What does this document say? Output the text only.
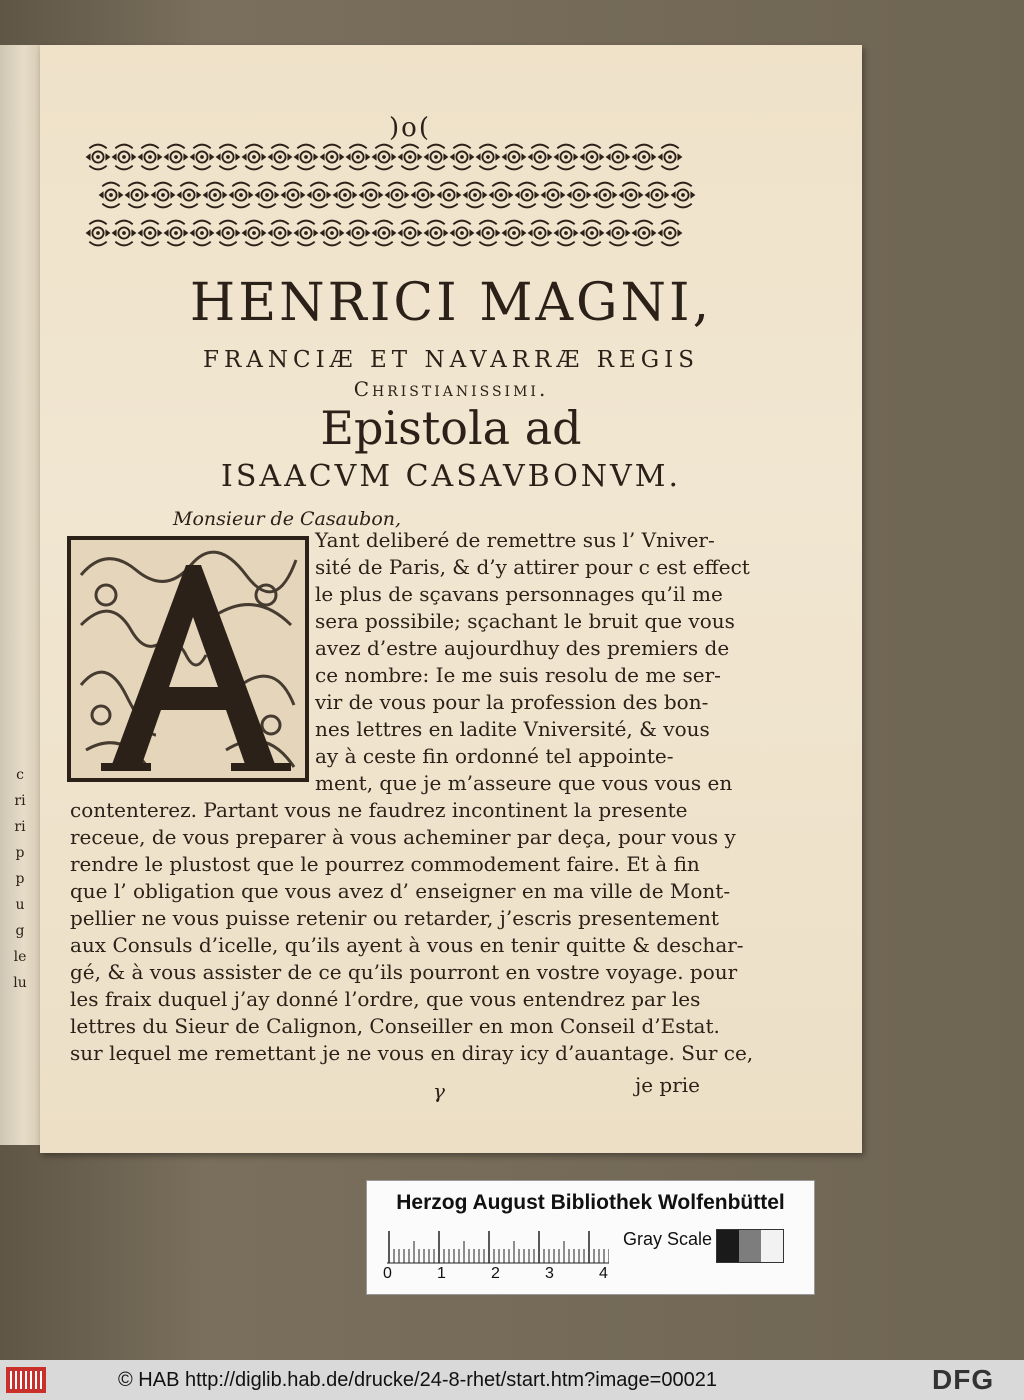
c
ri
ri
p
p
u
g
le
lu
)o(
HENRICI MAGNI,
FRANCIÆ ET NAVARRÆ REGIS
Christianissimi.
Epistola ad
ISAACVM CASAVBONVM.
Monsieur de Casaubon,
Yant deliberé de remettre sus l’ Vniver-
sité de Paris, & d’y attirer pour c est effect
le plus de sçavans personnages qu’il me
sera possibile; sçachant le bruit que vous
avez d’estre aujourdhuy des premiers de
ce nombre: Ie me suis resolu de me ser-
vir de vous pour la profession des bon-
nes lettres en ladite Vniversité, & vous
ay à ceste fin ordonné tel appointe-
ment, que je m’asseure que vous vous en
contenterez. Partant vous ne faudrez incontinent la presente
receue, de vous preparer à vous acheminer par deça, pour vous y
rendre le plustost que le pourrez commodement faire. Et à fin
que l’ obligation que vous avez d’ enseigner en ma ville de Mont-
pellier ne vous puisse retenir ou retarder, j’escris presentement
aux Consuls d’icelle, qu’ils ayent à vous en tenir quitte & deschar-
gé, & à vous assister de ce qu’ils pourront en vostre voyage. pour
les fraix duquel j’ay donné l’ordre, que vous entendrez par les
lettres du Sieur de Calignon, Conseiller en mon Conseil d’Estat.
sur lequel me remettant je ne vous en diray icy d’auantage. Sur ce,
γ	je prie
Herzog August Bibliothek Wolfenbüttel
0	1	2	3	4
Gray Scale
© HAB http://diglib.hab.de/drucke/24-8-rhet/start.htm?image=00021	DFG
